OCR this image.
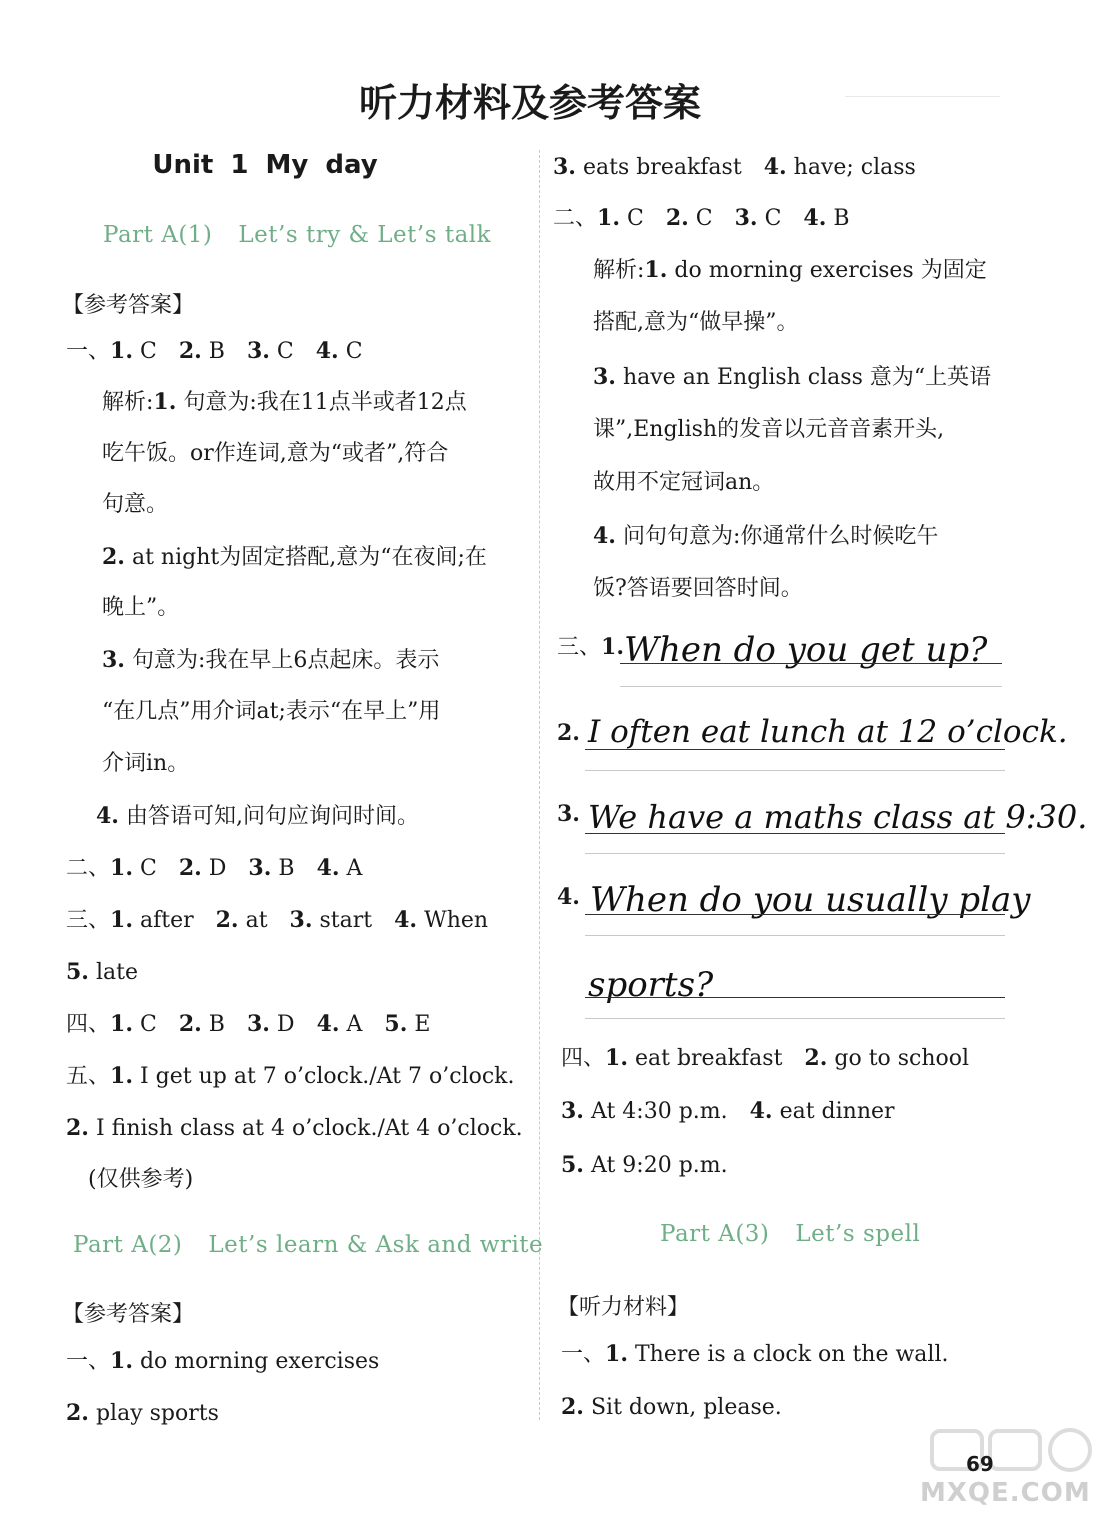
听力材料及参考答案
Unit 1 My day
Part A(1) Let’s try & Let’s talk
【参考答案】
一、1. C 2. B 3. C 4. C
解析:1. 句意为:我在11点半或者12点
吃午饭。or作连词,意为“或者”,符合
句意。
2. at night为固定搭配,意为“在夜间;在
晚上”。
3. 句意为:我在早上6点起床。表示
“在几点”用介词at;表示“在早上”用
介词in。
4. 由答语可知,问句应询问时间。
二、1. C 2. D 3. B 4. A
三、1. after 2. at 3. start 4. When
5. late
四、1. C 2. B 3. D 4. A 5. E
五、1. I get up at 7 o’clock./At 7 o’clock.
2. I finish class at 4 o’clock./At 4 o’clock.
(仅供参考)
Part A(2) Let’s learn & Ask and write
【参考答案】
一、1. do morning exercises
2. play sports
3. eats breakfast 4. have; class
二、1. C 2. C 3. C 4. B
解析:1. do morning exercises 为固定
搭配,意为“做早操”。
3. have an English class 意为“上英语
课”,English的发音以元音音素开头,
故用不定冠词an。
4. 问句句意为:你通常什么时候吃午
饭?答语要回答时间。
三、1. When do you get up?
2. I often eat lunch at 12 o’clock.
3. We have a maths class at 9:30.
4. When do you usually play
sports?
四、1. eat breakfast 2. go to school
3. At 4:30 p.m. 4. eat dinner
5. At 9:20 p.m.
Part A(3) Let’s spell
【听力材料】
一、1. There is a clock on the wall.
2. Sit down, please.
69
MXQE.COM
